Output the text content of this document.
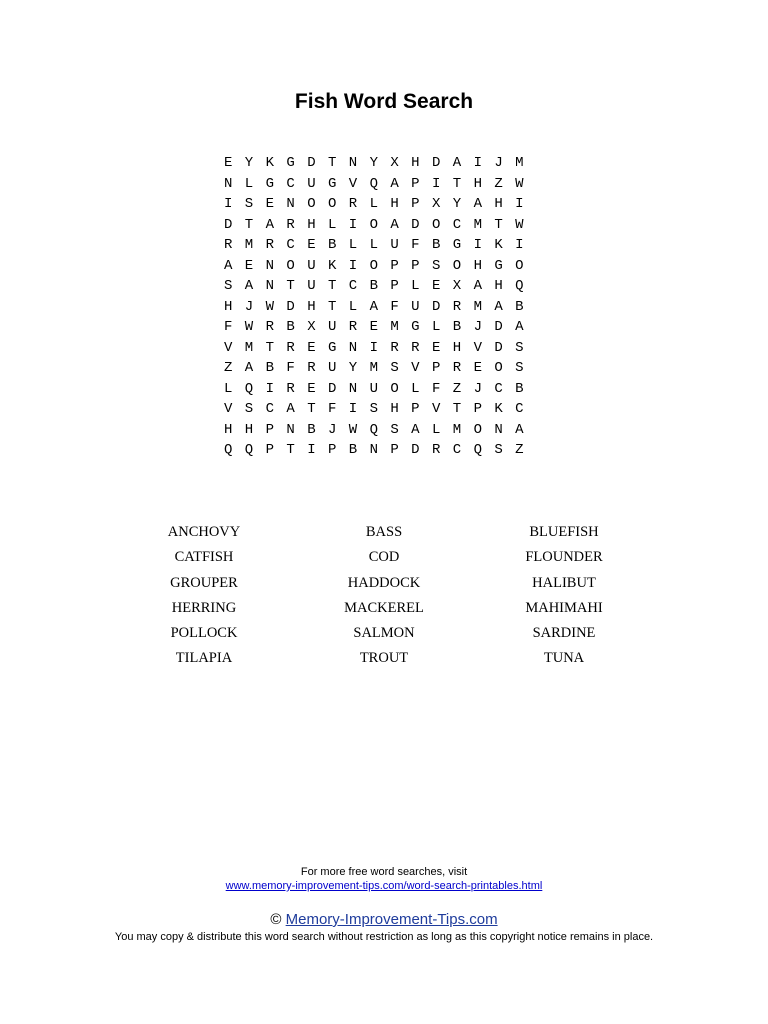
Fish Word Search
E Y K G D T N Y X H D A I J M
N L G C U G V Q A P I T H Z W
I S E N O O R L H P X Y A H I
D T A R H L I O A D O C M T W
R M R C E B L L U F B G I K I
A E N O U K I O P P S O H G O
S A N T U T C B P L E X A H Q
H J W D H T L A F U D R M A B
F W R B X U R E M G L B J D A
V M T R E G N I R R E H V D S
Z A B F R U Y M S V P R E O S
L Q I R E D N U O L F Z J C B
V S C A T F I S H P V T P K C
H H P N B J W Q S A L M O N A
Q Q P T I P B N P D R C Q S Z
ANCHOVY	BASS	BLUEFISH
CATFISH	COD	FLOUNDER
GROUPER	HADDOCK	HALIBUT
HERRING	MACKEREL	MAHIMAHI
POLLOCK	SALMON	SARDINE
TILAPIA	TROUT	TUNA
For more free word searches, visit
www.memory-improvement-tips.com/word-search-printables.html
© Memory-Improvement-Tips.com
You may copy & distribute this word search without restriction as long as this copyright notice remains in place.
